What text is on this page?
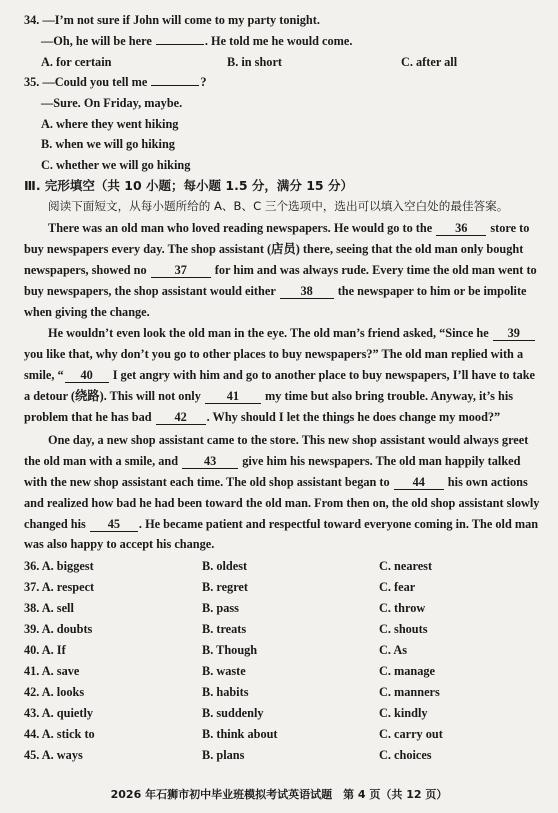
34. —I’m not sure if John will come to my party tonight.
—Oh, he will be here	. He told me he would come.
A. for certain	B. in short	C. after all
35. —Could you tell me	?
—Sure. On Friday, maybe.
A. where they went hiking
B. when we will go hiking
C. whether we will go hiking
Ⅲ. 完形填空（共 10 小题；每小题 1.5 分，满分 15 分）
阅读下面短文，从每小题所给的 A、B、C 三个选项中，选出可以填入空白处的最佳答案。
There was an old man who loved reading newspapers. He would go to the 36 store to
buy newspapers every day. The shop assistant (店员) there, seeing that the old man only bought
newspapers, showed no 37 for him and was always rude. Every time the old man went to
buy newspapers, the shop assistant would either 38 the newspaper to him or be impolite
when giving the change.
He wouldn’t even look the old man in the eye. The old man’s friend asked, “Since he 39
you like that, why don’t you go to other places to buy newspapers?” The old man replied with a
smile, “ 40 I get angry with him and go to another place to buy newspapers, I’ll have to take
a detour (绕路). This will not only 41 my time but also bring trouble. Anyway, it’s his
problem that he has bad 42 . Why should I let the things he does change my mood?”
One day, a new shop assistant came to the store. This new shop assistant would always greet
the old man with a smile, and 43 give him his newspapers. The old man happily talked
with the new shop assistant each time. The old shop assistant began to 44 his own actions
and realized how bad he had been toward the old man. From then on, the old shop assistant slowly
changed his 45 . He became patient and respectful toward everyone coming in. The old man
was also happy to accept his change.
36. A. biggest	B. oldest	C. nearest
37. A. respect	B. regret	C. fear
38. A. sell	B. pass	C. throw
39. A. doubts	B. treats	C. shouts
40. A. If	B. Though	C. As
41. A. save	B. waste	C. manage
42. A. looks	B. habits	C. manners
43. A. quietly	B. suddenly	C. kindly
44. A. stick to	B. think about	C. carry out
45. A. ways	B. plans	C. choices
2026 年石狮市初中毕业班模拟考试英语试题　第 4 页（共 12 页）
